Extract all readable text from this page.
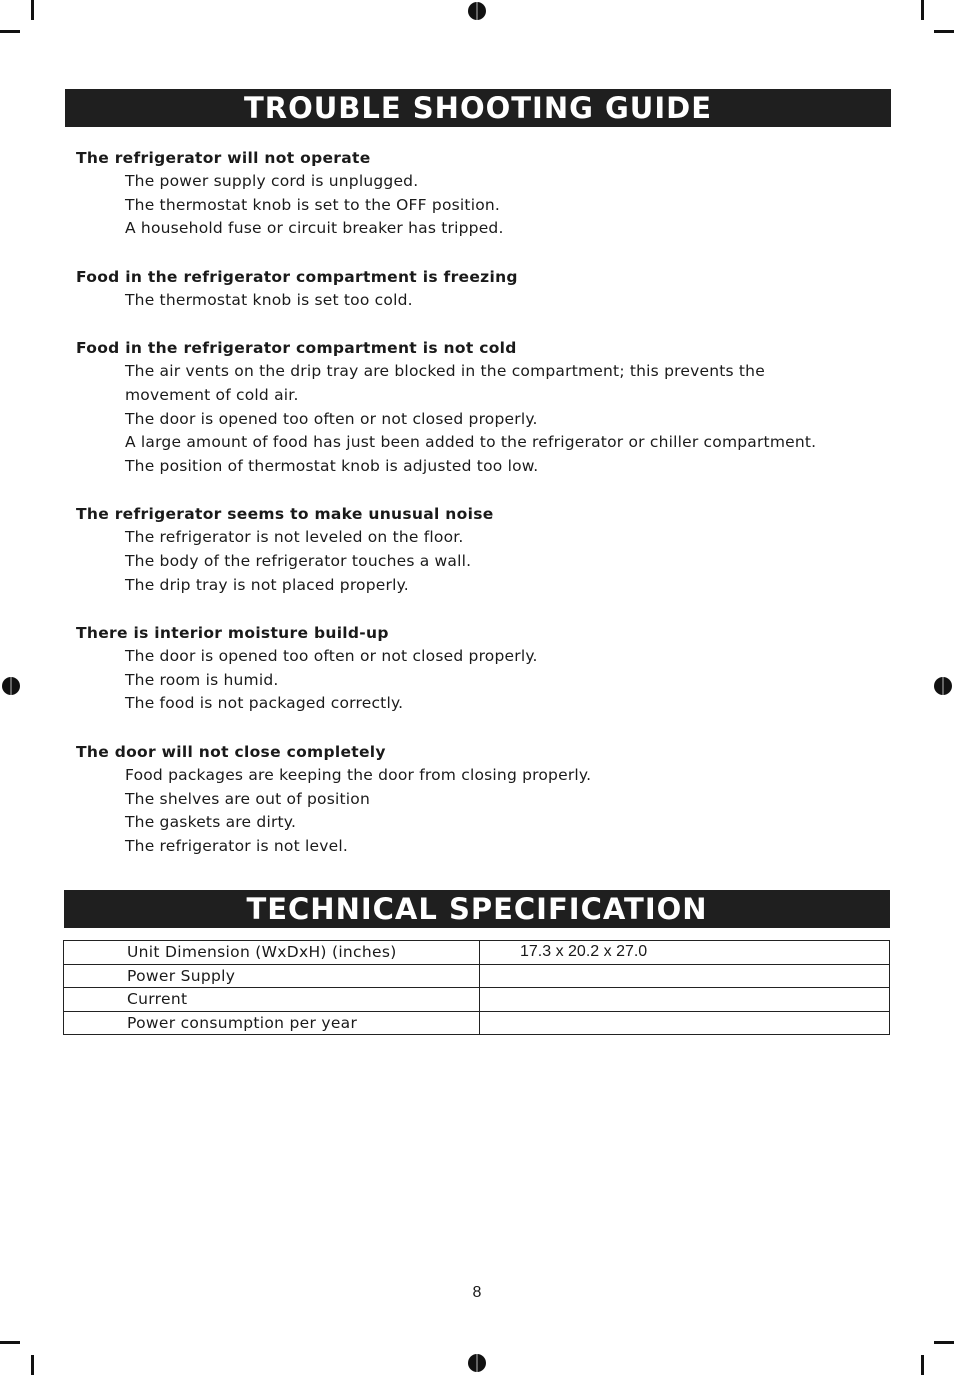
TROUBLE SHOOTING GUIDE
The refrigerator will not operate
The power supply cord is unplugged.
The thermostat knob is set to the OFF position.
A household fuse or circuit breaker has tripped.
Food in the refrigerator compartment is freezing
The thermostat knob is set too cold.
Food in the refrigerator compartment is not cold
The air vents on the drip tray are blocked in the compartment; this prevents the
movement of cold air.
The door is opened too often or not closed properly.
A large amount of food has just been added to the refrigerator or chiller compartment.
The position of thermostat knob is adjusted too low.
The refrigerator seems to make unusual noise
The refrigerator is not leveled on the floor.
The body of the refrigerator touches a wall.
The drip tray is not placed properly.
There is interior moisture build-up
The door is opened too often or not closed properly.
The room is humid.
The food is not packaged correctly.
The door will not close completely
Food packages are keeping the door from closing properly.
The shelves are out of position
The gaskets are dirty.
The refrigerator is not level.
TECHNICAL SPECIFICATION
Unit Dimension (WxDxH) (inches)	17.3 x 20.2 x 27.0
Power Supply	
Current	
Power consumption per year	
8
